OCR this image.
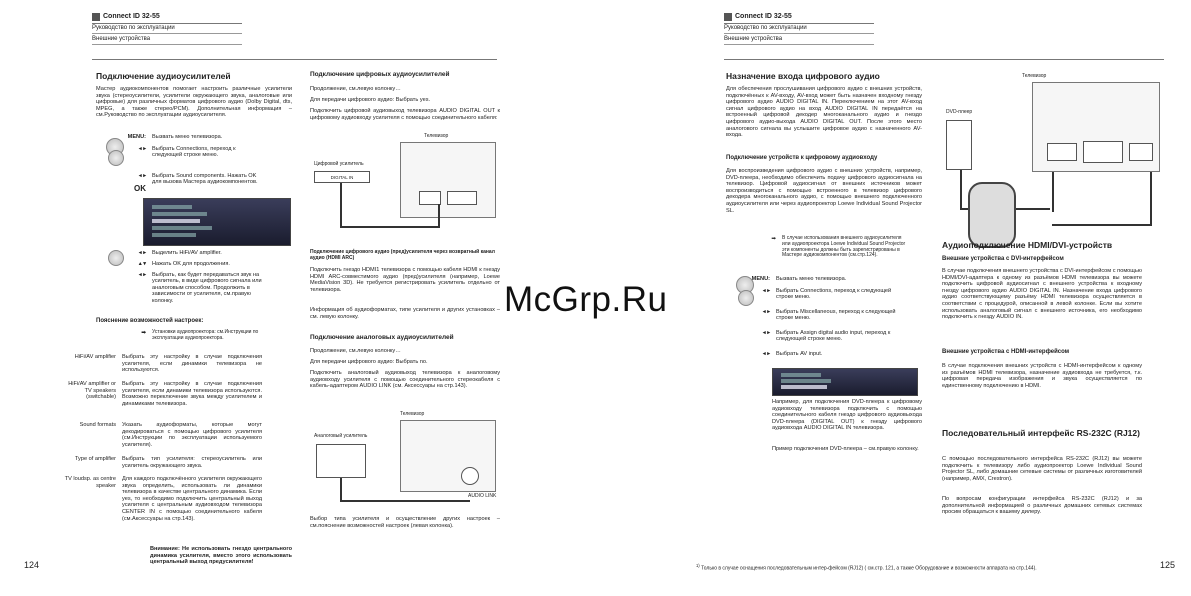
Connect ID 32-55
Руководство по эксплуатации
Внешние устройства
Подключение аудиоусилителей

Мастер аудиокомпонентов помогает настроить различные усилители звука (стереоусилители, усилители окружающего звука, аналоговые или цифровые) для различных форматов цифрового аудио (Dolby Digital, dts, MPEG, а также стерео/PCM). Дополнительная информация – см.Руководство по эксплуатации аудиоусилителя.

MENU: Вызвать меню телевизора.
◂ ▸ Выбрать Connections, переход к следующей строке меню.
◂ ▸ Выбрать Sound components. Нажать OK для вызова Мастера аудиокомпонентов.
OK
◂ ▸ Выделить HiFi/AV amplifier.
▴ ▾ Нажать OK для продолжения.
◂ ▸ Выбрать, как будет передаваться звук на усилитель, в виде цифрового сигнала или аналоговым способом. Продолжить в зависимости от усилителя, см.правую колонку.
Пояснение возможностей настроек:
➡ Установки аудиопроектора: см.Инструкции по эксплуатации аудиопроектора.
HiFi/AV amplifier Выбрать эту настройку в случае подключения усилителя, если динамики телевизора не используются.
HiFi/AV amplifier or TV speakers (switchable)
Выбрать эту настройку в случае подключения усилителя, если динамики телевизора используются. Возможно переключение звука между усилителем и динамиками телевизора.
Sound formats Указать аудиоформаты, которые могут декодироваться с помощью цифрового усилителя (см.Инструкции по эксплуатации используемого усилителя).
Type of amplifier Выбрать тип усилителя: стереоусилитель или усилитель окружающего звука.
TV loudsp. as centre speaker
Для каждого подключённого усилителя окружающего звука определить, использовать ли динамики телевизора в качестве центрального динамика. Если yes, то необходимо подключить центральный выход усилителя с центральным аудиовходом телевизора CENTER IN с помощью соединительного кабеля (см.Аксессуары на стр.143).

Внимание: Не использовать гнездо центрального динамика усилителя, вместо этого использовать центральный выход предусилителя!

124
Подключение цифровых аудиоусилителей

Продолжение, см.левую колонку…

Для передачи цифрового аудио: Выбрать yes.

Подключить цифровой аудиовыход телевизора AUDIO DIGITAL OUT к цифровому аудиовходу усилителя с помощью соединительного кабеля:

Телевизор
Цифровой усилитель
DIGITAL IN

Подключение цифрового аудио (пред)усилителя через возвратный канал аудио (HDMI ARC)

Подключить гнездо HDMI1 телевизора с помощью кабеля HDMI к гнезду HDMI ARC-совместимого аудио (пред)усилителя (например, Loewe MediaVision 3D). Не требуется регистрировать усилитель отдельно от телевизора.

Информация об аудиоформатах, типе усилителя и других установках – см. левую колонку.

Подключение аналоговых аудиоусилителей

Продолжение, см.левую колонку…

Для передачи цифрового аудио: Выбрать no.

Подключить аналоговый аудиовыход телевизора к аналоговому аудиовходу усилителя с помощью соединительного стереокабеля с кабель-адаптером AUDIO LINK (см. Аксессуары на стр.143).

Телевизор
Аналоговый усилитель
AUDIO LINK

Выбор типа усилителя и осуществление других настроек – см.пояснение возможностей настроек (левая колонка).

Connect ID 32-55
Руководство по эксплуатации
Внешние устройства
Назначение входа цифрового аудио

Для обеспечения прослушивания цифрового аудио с внешних устройств, подключённых к AV-входу, AV-вход может быть назначен входному гнезду цифрового аудио AUDIO DIGITAL IN. Переключением на этот AV-вход сигнал цифрового аудио на вход AUDIO DIGITAL IN передаётся на встроенный цифровой декодер многоканального аудио и гнездо цифрового аудио-выхода AUDIO DIGITAL OUT. После этого место аналогового сигнала вы услышите цифровое аудио с назначенного AV-входа.

Подключение устройств к цифровому аудиовходу

Для воспроизведения цифрового аудио с внешних устройств, например, DVD-плеера, необходимо обеспечить подачу цифрового аудиосигнала на телевизор. Цифровой аудиосигнал от внешних источников может воспроизводиться с помощью встроенного в телевизор цифрового декодера многоканального аудио, с помощью внешнего подключенного аудиоусилителя или через аудиопроектор Loewe Individual Sound Projector SL.

➡ В случае использования внешнего аудиоусилителя или аудиопроектора Loewe Individual Sound Projector эти компоненты должны быть зарегистрированы в Мастере аудиокомпонентов (см.стр.124).
MENU: Вызвать меню телевизора.
◂ ▸ Выбрать Connections, переход к следующей строке меню.
◂ ▸ Выбрать Miscellaneous, переход к следующей строке меню.
◂ ▸ Выбрать Assign digital audio input, переход к следующей строке меню.
◂ ▸ Выбрать AV input.

Например, для подключения DVD-плеера к цифровому аудиовходу телевизора подключить с помощью соединительного кабеля гнездо цифрового аудиовыхода DVD-плеера (DIGITAL OUT) к гнезду цифрового аудиовхода AUDIO DIGITAL IN телевизора.

Пример подключения DVD-плеера – см.правую колонку.

$^{1)}$ Только в случае оснащения последовательным интер-фейсом (RJ12) ( см.стр. 121, а также Оборудование и возможности аппарата на стр.144).

Телевизор
DVD-плеер
Аудиоподключение HDMI/DVI-устройств
Внешние устройства с DVI-интерфейсом

В случае подключения внешнего устройства с DVI-интерфейсом с помощью HDMI/DVI-адаптера к одному из разъёмов HDMI телевизора вы можете подключить цифровой аудиосигнал с внешнего устройства к входному гнезду цифрового аудио AUDIO DIGITAL IN. Назначение входа цифрового аудио соответствующему разъёму HDMI телевизора осуществляется в соответствии с процедурой, описанной в левой колонке. Если вы хотите использовать аналоговый сигнал с внешнего источника, его необходимо подключить к гнезду AUDIO IN.

Внешние устройства с HDMI-интерфейсом

В случае подключения внешних устройств с HDMI-интерфейсом к одному из разъёмов HDMI телевизора, назначение аудиовхода не требуется, т.к. цифровая передача изображения и звука осуществляется по единственному подключению в HDMI.

Последовательный интерфейс RS-232C (RJ12)

С помощью последовательного интерфейса RS-232C (RJ12) вы можете подключить к телевизору либо аудиопроектор Loewe Individual Sound Projector SL, либо домашние сетевые системы от различных изготовителей (например, AMX, Crestron).

По вопросам конфигурации интерфейса RS-232C (RJ12) и за дополнительной информацией о различных домашних сетевых системах просим обращаться к вашему дилеру.

125
McGrp.Ru
